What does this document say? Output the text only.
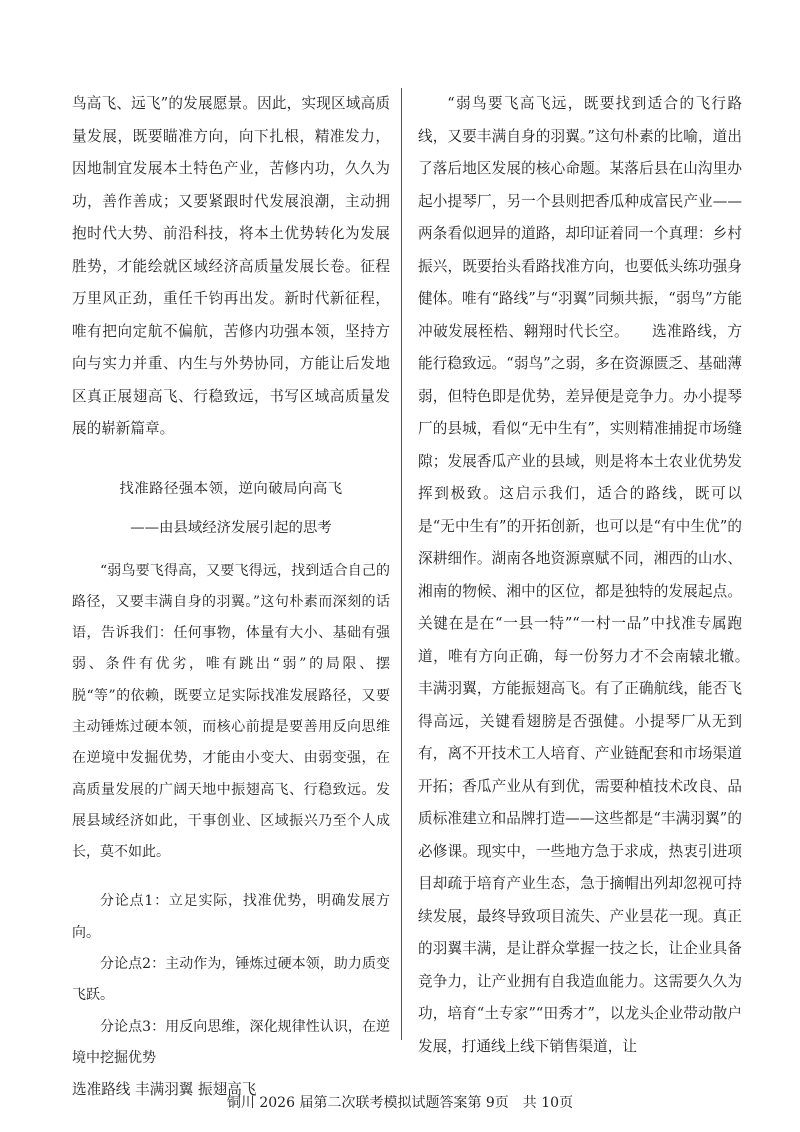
鸟高飞、远飞”的发展愿景。因此，实现区域高质量发展，既要瞄准方向，向下扎根，精准发力，因地制宜发展本土特色产业，苦修内功，久久为功，善作善成；又要紧跟时代发展浪潮，主动拥抱时代大势、前沿科技，将本土优势转化为发展胜势，才能绘就区域经济高质量发展长卷。征程万里风正劲，重任千钧再出发。新时代新征程，唯有把向定航不偏航，苦修内功强本领，坚持方向与实力并重、内生与外势协同，方能让后发地区真正展翅高飞、行稳致远，书写区域高质量发展的崭新篇章。

找准路径强本领，逆向破局向高飞
——由县域经济发展引起的思考

“弱鸟要飞得高，又要飞得远，找到适合自己的路径，又要丰满自身的羽翼。”这句朴素而深刻的话语，告诉我们：任何事物，体量有大小、基础有强弱、条件有优劣，唯有跳出“弱”的局限、摆脱“等”的依赖，既要立足实际找准发展路径，又要主动锤炼过硬本领，而核心前提是要善用反向思维在逆境中发掘优势，才能由小变大、由弱变强，在高质量发展的广阔天地中振翅高飞、行稳致远。发展县域经济如此，干事创业、区域振兴乃至个人成长，莫不如此。

分论点1：立足实际，找准优势，明确发展方向。

分论点2：主动作为，锤炼过硬本领，助力质变飞跃。

分论点3：用反向思维，深化规律性认识，在逆境中挖掘优势

选准路线 丰满羽翼 振翅高飞

“弱鸟要飞高飞远，既要找到适合的飞行路线，又要丰满自身的羽翼。”这句朴素的比喻，道出了落后地区发展的核心命题。某落后县在山沟里办起小提琴厂，另一个县则把香瓜种成富民产业——两条看似迥异的道路，却印证着同一个真理：乡村振兴，既要抬头看路找准方向，也要低头练功强身健体。唯有“路线”与“羽翼”同频共振，“弱鸟”方能冲破发展桎梏、翱翔时代长空。　　选准路线，方能行稳致远。“弱鸟”之弱，多在资源匮乏、基础薄弱，但特色即是优势，差异便是竞争力。办小提琴厂的县城，看似“无中生有”，实则精准捕捉市场缝隙；发展香瓜产业的县域，则是将本土农业优势发挥到极致。这启示我们，适合的路线，既可以是“无中生有”的开拓创新，也可以是“有中生优”的深耕细作。湖南各地资源禀赋不同，湘西的山水、湘南的物候、湘中的区位，都是独特的发展起点。关键在是在“一县一特”“一村一品”中找准专属跑道，唯有方向正确，每一份努力才不会南辕北辙。　　丰满羽翼，方能振翅高飞。有了正确航线，能否飞得高远，关键看翅膀是否强健。小提琴厂从无到有，离不开技术工人培育、产业链配套和市场渠道开拓；香瓜产业从有到优，需要种植技术改良、品质标准建立和品牌打造——这些都是“丰满羽翼”的必修课。现实中，一些地方急于求成，热衷引进项目却疏于培育产业生态，急于摘帽出列却忽视可持续发展，最终导致项目流失、产业昙花一现。真正的羽翼丰满，是让群众掌握一技之长，让企业具备竞争力，让产业拥有自我造血能力。这需要久久为功，培育“土专家”“田秀才”，以龙头企业带动散户发展，打通线上线下销售渠道，让

铜川 2026 届第二次联考模拟试题答案第 9页　共 10页
